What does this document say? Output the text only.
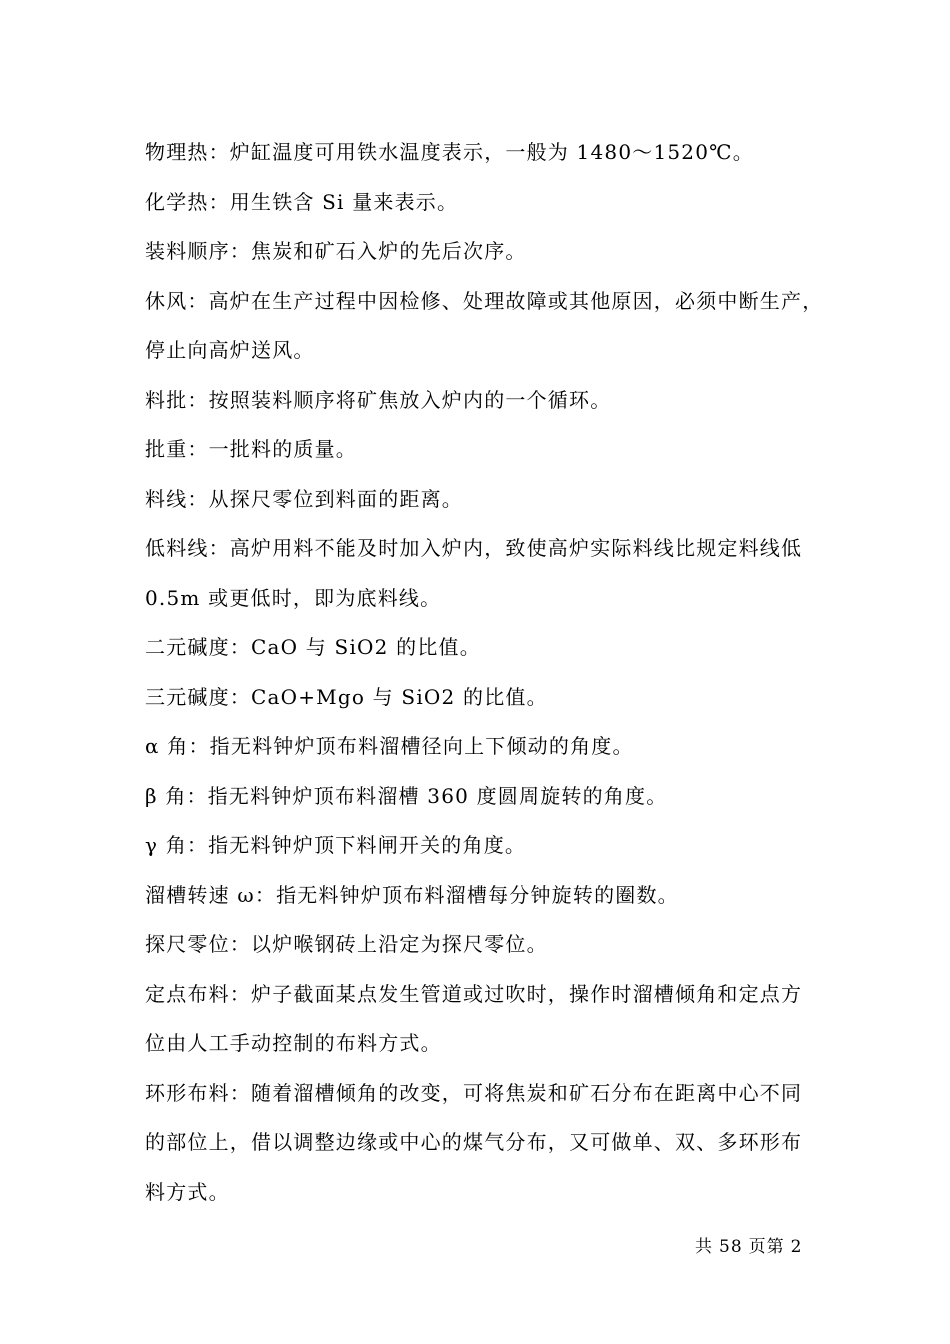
物理热：炉缸温度可用铁水温度表示，一般为 1480～1520℃。

化学热：用生铁含 Si 量来表示。

装料顺序：焦炭和矿石入炉的先后次序。

休风：高炉在生产过程中因检修、处理故障或其他原因，必须中断生产，

停止向高炉送风。

料批：按照装料顺序将矿焦放入炉内的一个循环。

批重：一批料的质量。

料线：从探尺零位到料面的距离。

低料线：高炉用料不能及时加入炉内，致使高炉实际料线比规定料线低

0.5m 或更低时，即为底料线。

二元碱度：CaO 与 SiO2 的比值。

三元碱度：CaO+Mgo 与 SiO2 的比值。

α 角：指无料钟炉顶布料溜槽径向上下倾动的角度。

β 角：指无料钟炉顶布料溜槽 360 度圆周旋转的角度。

γ 角：指无料钟炉顶下料闸开关的角度。

溜槽转速 ω：指无料钟炉顶布料溜槽每分钟旋转的圈数。

探尺零位：以炉喉钢砖上沿定为探尺零位。

定点布料：炉子截面某点发生管道或过吹时，操作时溜槽倾角和定点方

位由人工手动控制的布料方式。

环形布料：随着溜槽倾角的改变，可将焦炭和矿石分布在距离中心不同

的部位上，借以调整边缘或中心的煤气分布，又可做单、双、多环形布

料方式。

共 58 页第 2
